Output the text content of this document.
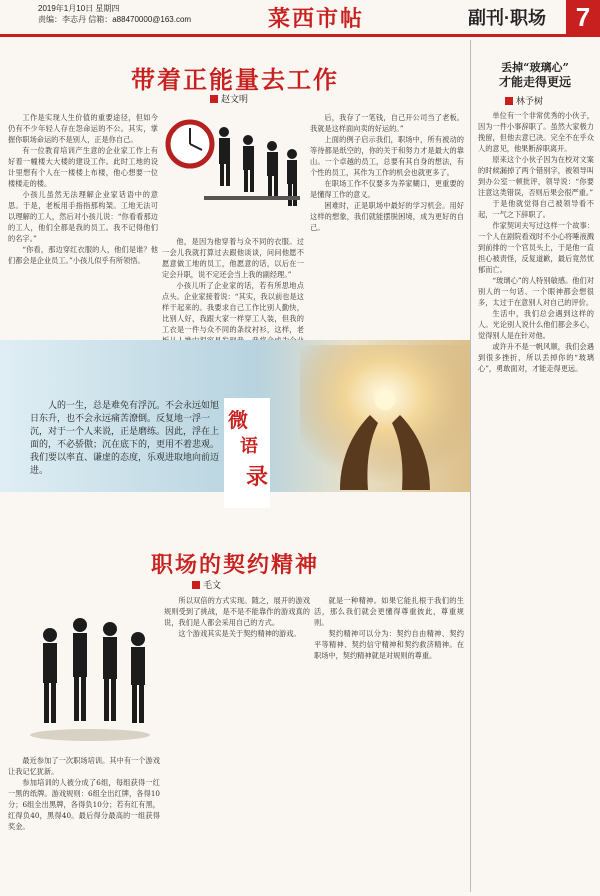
2019年1月10日 星期四
责编：李志丹 信箱：a88470000@163.com	菜西市帖	副刊·职场	7
带着正能量去工作
赵文明

工作是实现人生价值的重要途径，但如今仍有不少年轻人存在怨命运的不公。其实，掌握你职场命运的不是别人，正是你自己。

有一位教育培训产生意的企业家工作上有好着一幢楼大大楼的建设工作。此时工地的设计里想有个人在一楼楼上布楼，他心想要一位楼楼走的楼。

小孩儿虽然无法理解企业家话语中的意思。于是，老板用手指指那构架。工地无法可以理解的工人，然后对小孩儿说：“你看看那边的工人，他们全都是我的员工。我不记得他们的名字。”

“你看，那边穿红衣服的人，他们是谁？他们都会是企业员工。”小孩儿似乎有所领悟。

他，是因为他穿着与众不同的衣服。过一会儿我就打算过去跟他谈谈，问问他愿不愿意做工地的员工，他愿意的话，以后在一定会升职，说不定还会当上我的副经理。”

小孩儿听了企业家的话，若有所思地点点头。企业家接着说：“其实，我以前也是这样干起来的。我要求自己工作比别人勤快，比别人好，我跟大家一样穿工人装，但我的工衣是一件与众不同的条纹衬衫，这样，老

后，我存了一笔钱，自己开公司当了老板。我就是这样面向卖的好运的。”

上面的例子启示我们，职场中，所有被动的等待都是纸空的，你的关于和努力才是最大的靠山。一个卓越的员工，总要有其自身的想法，有个性的员工，其作为工作的机会也就更多了。

在职场工作不仅要多为养家糊口，更重要的是懂得工作的意义。

困难时，正是职场中最好的学习机会。用好这样的想象，我们就能摆脱困境，成为更好的自己。

人的一生，总是难免有浮沉。不会永远如旭日东升，也不会永远痛苦潦倒。反复地一浮一沉，对于一个人来说，正是磨练。因此，浮在上面的，不必骄傲；沉在底下的，更用不着悲观。我们要以率直、谦虚的态度，乐观进取地向前迈进。

微
语
录
职场的契约精神
毛文

最近参加了一次职场培训。其中有一个游戏让我记忆犹新。

参加培训的人被分成了6组，每组获得一红一黑的纸牌。游戏规则：6组全出红牌，各得10分；6组全出黑牌，各得负10分；若有红有黑，红得负40，黑得40。最后得分最高的一组获得奖金。

所以双倍的方式实现。随之，展开的游戏规则受到了挑战，是不是不能靠作的游戏真的说，我们是人都会采用自己的方式。

这个游戏其实是关于契约精神的游戏。

就是一种精神。如果它能扎根于我们的生活，那么我们就会更懂得尊重彼此，尊重规则。

契约精神可以分为：契约自由精神、契约平等精神、契约信守精神和契约救济精神。在职场中，契约精神就是对规则的尊重。

丢掉“玻璃心”
才能走得更远
林予树

单位有一个非常优秀的小伙子，因为一件小事辞职了。虽然大家极力挽留，但他去意已决。完全不在乎众人的意见，他果断辞职离开。

原来这个小伙子因为在校对文案的时候漏掉了两个错别字，被领导叫到办公室一顿批评，领导说：“你要注意这类错误，否则后果会很严重。”

于是他就觉得自己被领导看不起，一气之下辞职了。

作家契诃夫写过这样一个故事：一个人在剧院看戏时不小心将唾液溅到前排的一个官员头上，于是他一直担心被责怪，反复道歉，最后竟然忧郁而亡。

“玻璃心”的人特别敏感。他们对别人的一句话、一个眼神都会想很多，太过于在意别人对自己的评价。

生活中，我们总会遇到这样的人。光论别人说什么他们都会多心，觉得别人是在针对他。

或许升不是一帆风顺，我们会遇到很多挫折，所以丢掉你的“玻璃心”，勇敢面对，才能走得更远。
